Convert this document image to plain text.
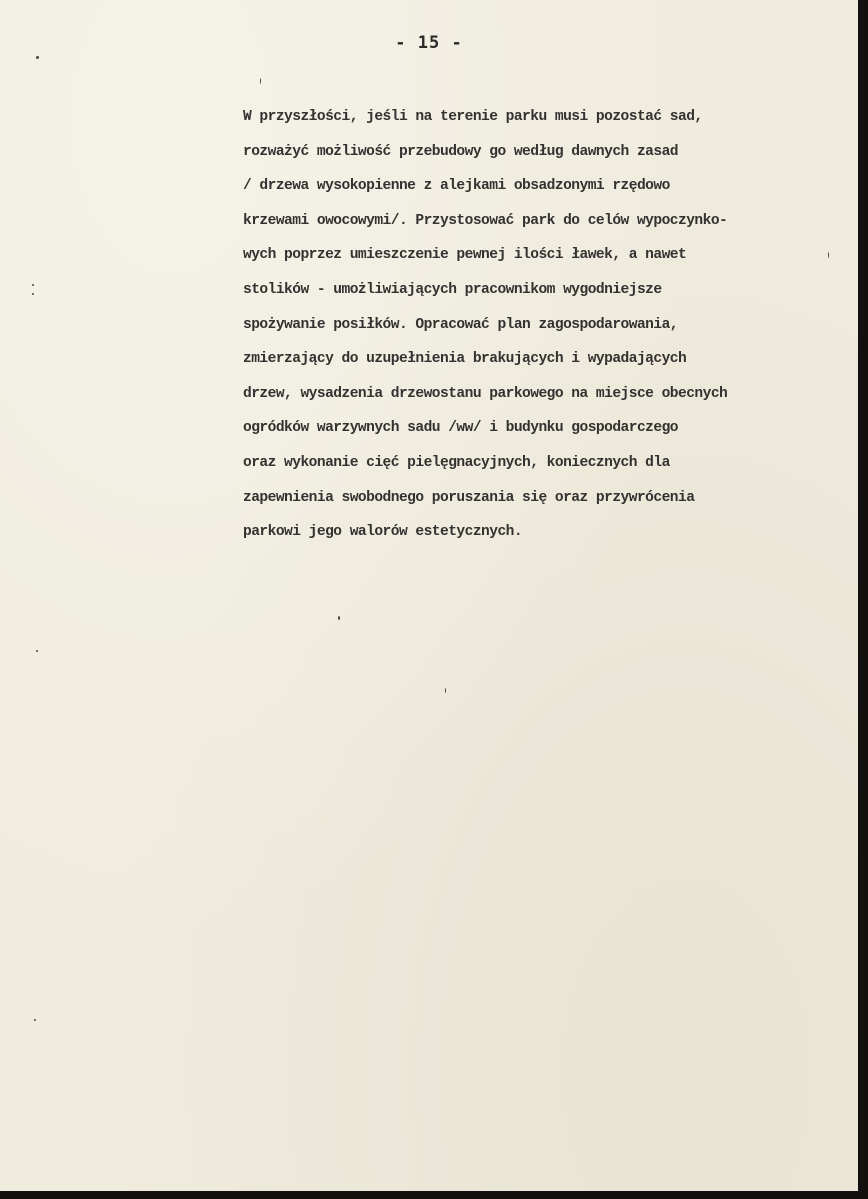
- 15 -
W przyszłości, jeśli na terenie parku musi pozostać sad,
rozważyć możliwość przebudowy go według dawnych zasad
/ drzewa wysokopienne z alejkami obsadzonymi rzędowo
krzewami owocowymi/. Przystosować park do celów wypoczynko-
wych poprzez umieszczenie pewnej ilości ławek, a nawet
stolików - umożliwiających pracownikom wygodniejsze
spożywanie posiłków. Opracować plan zagospodarowania,
zmierzający do uzupełnienia brakujących i wypadających
drzew, wysadzenia drzewostanu parkowego na miejsce obecnych
ogródków warzywnych sadu /ww/ i budynku gospodarczego
oraz wykonanie cięć pielęgnacyjnych, koniecznych dla
zapewnienia swobodnego poruszania się oraz przywrócenia
parkowi jego walorów estetycznych.
